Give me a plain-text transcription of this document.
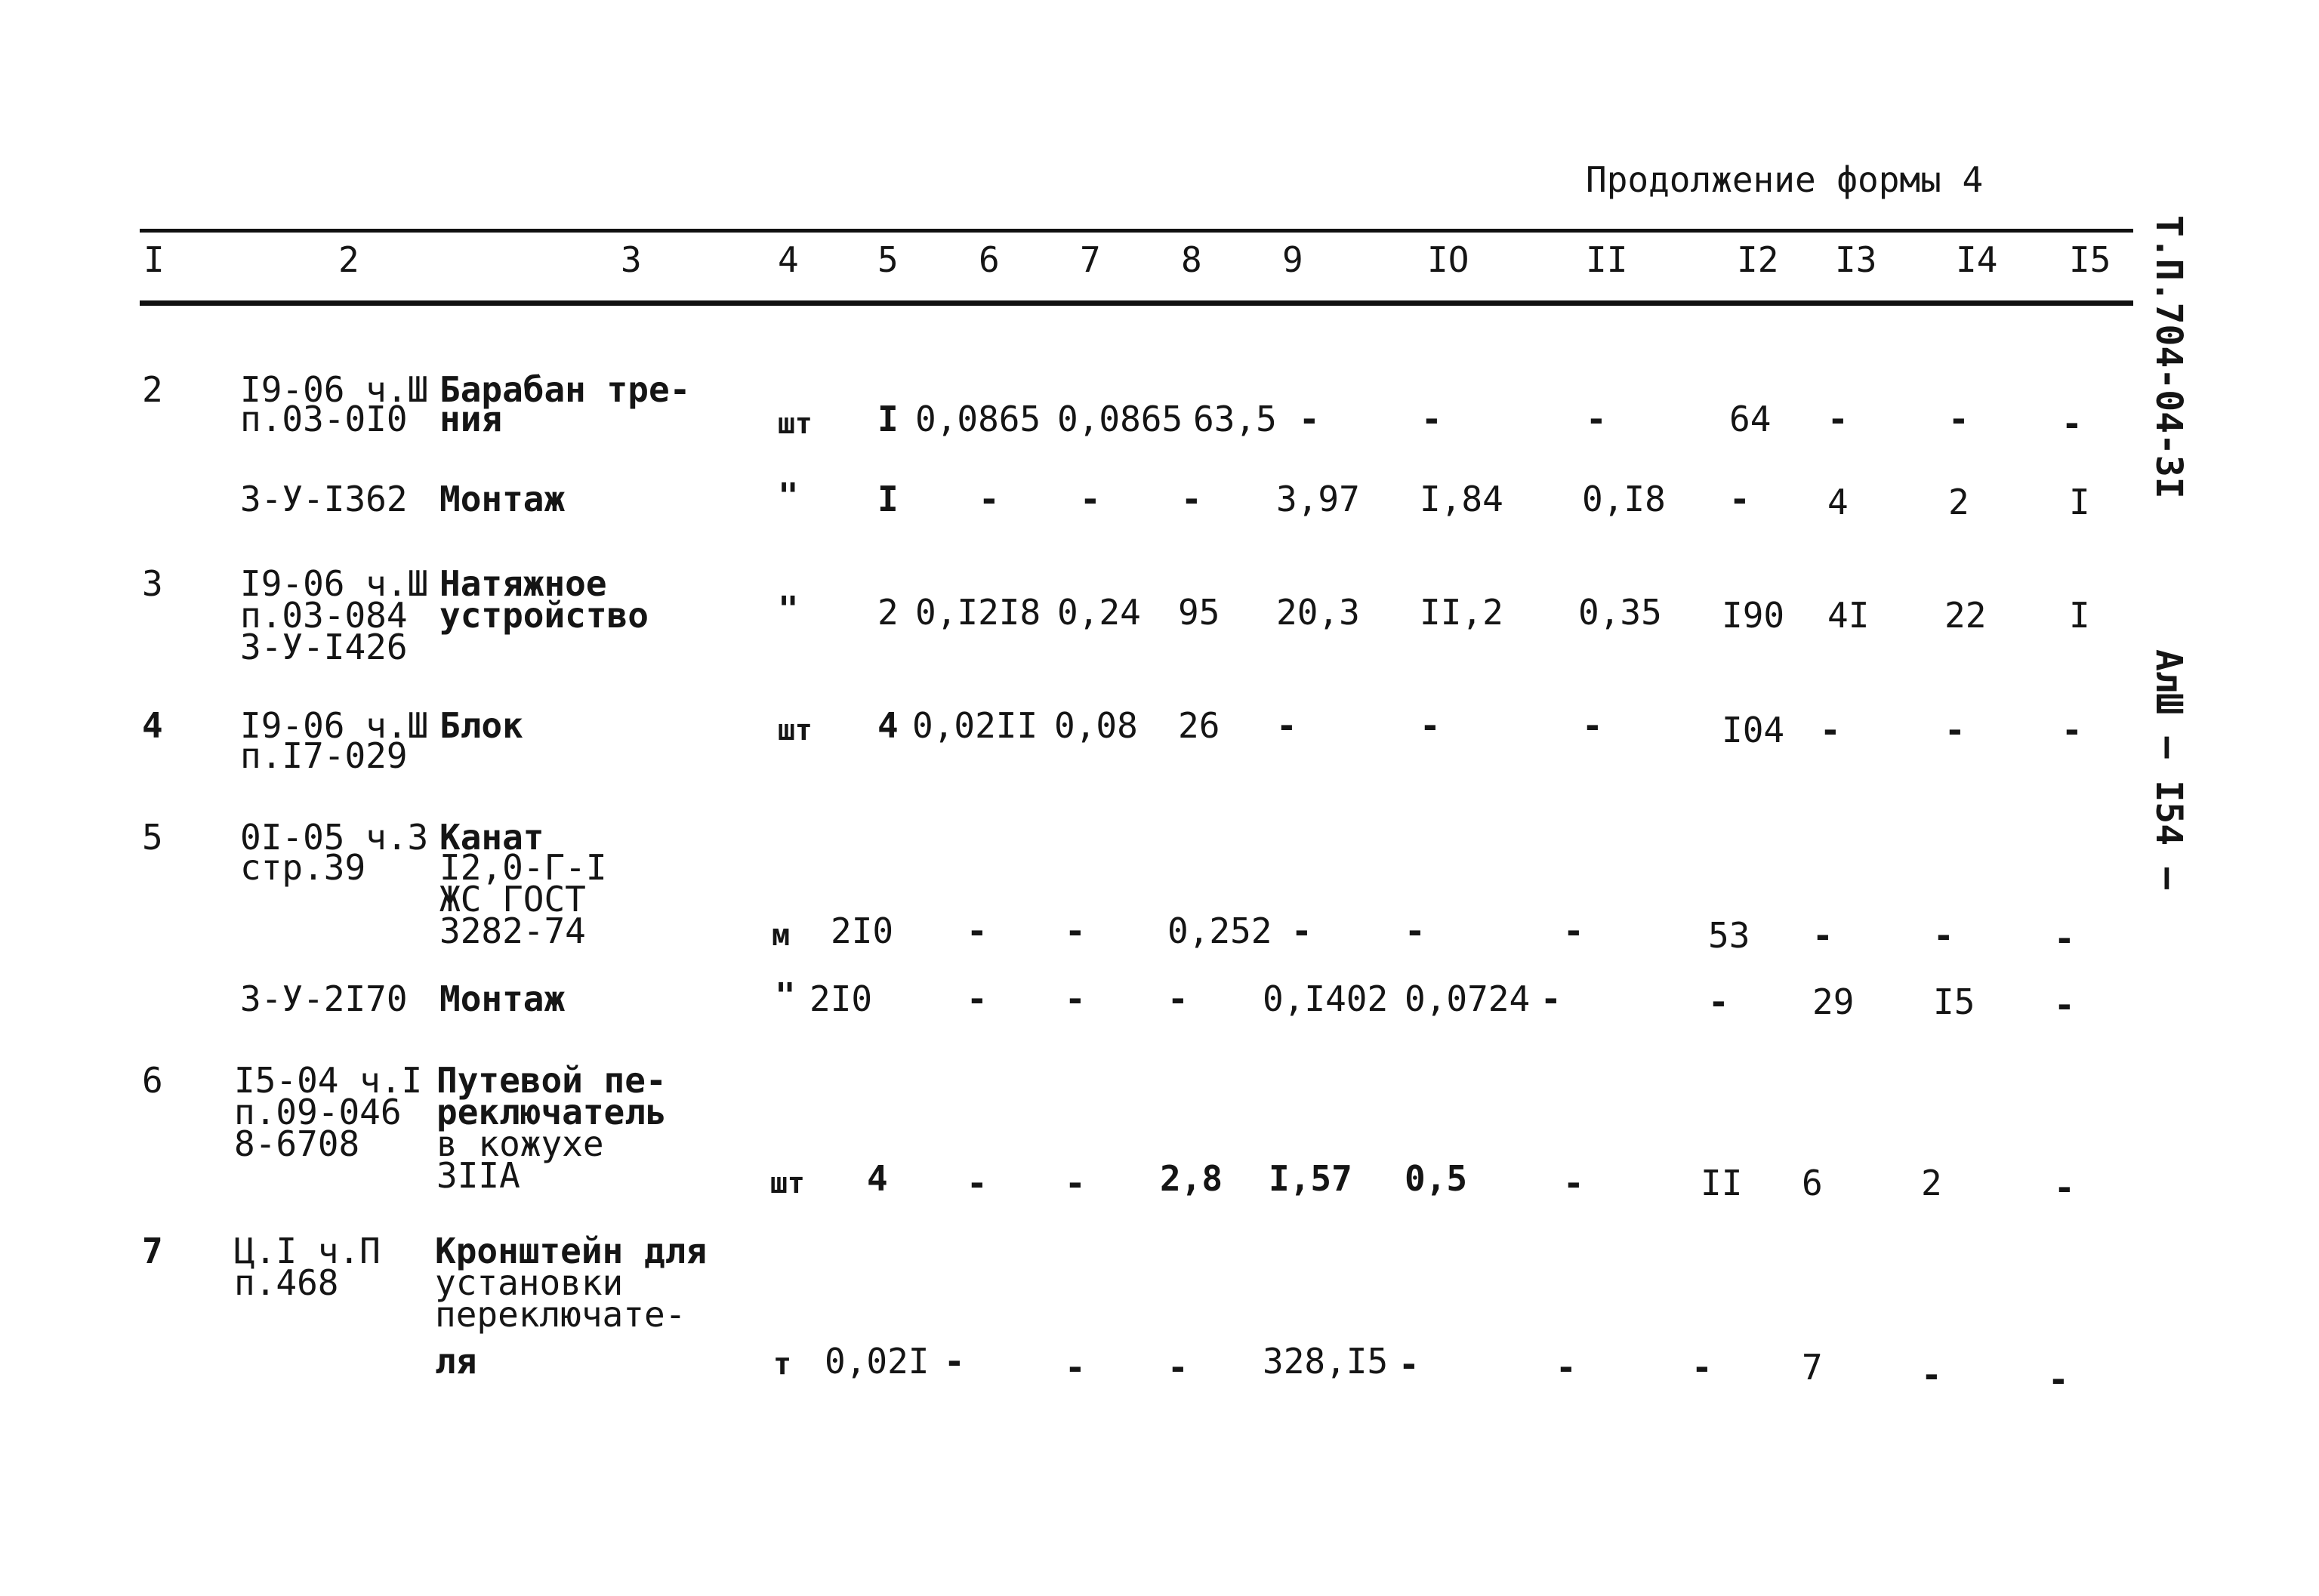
Продолжение формы 4
Т.П.704-04-3I
АлШ — I54 —
I	2	3	4 5 6 7 8 9	IO	II	I2 I3 I4 I5
2 I9-06 ч.Ш
п.03-0I0
Барабан тре-
ния	шт I 0,0865 0,0865 63,5 -	-	-	64 -	-	-
3-У-I362 Монтаж	" I - - - 3,97 I,84 0,I8 - 4	2	I
3 I9-06 ч.Ш
п.03-084
3-У-I426
Натяжное
устройство	" 2 0,I2I8 0,24 95 20,3 II,2 0,35 I90 4I 22 I
4 I9-06 ч.Ш
п.I7-029
Блок	шт 4 0,02II 0,08 26 -	-	-	I04 -	-	-
5 0I-05 ч.3
стр.39
Канат
I2,0-Г-I
ЖС ГОСТ
3282-74	м 2I0 - - 0,252 -	-	-	53 -	-	-
3-У-2I70 Монтаж	" 2I0	- - - 0,I402 0,0724 -	- 29 I5 -
6 I5-04 ч.I
п.09-046
8-6708
Путевой пе-
реключатель
в кожухе
3IIA	шт 4 - - 2,8 I,57 0,5	-	II 6	2	-
7 Ц.I ч.П
п.468
Кронштейн для
установки
переключате-
ля	т 0,02I -	- - 328,I5 -	-	-	7	-	-
